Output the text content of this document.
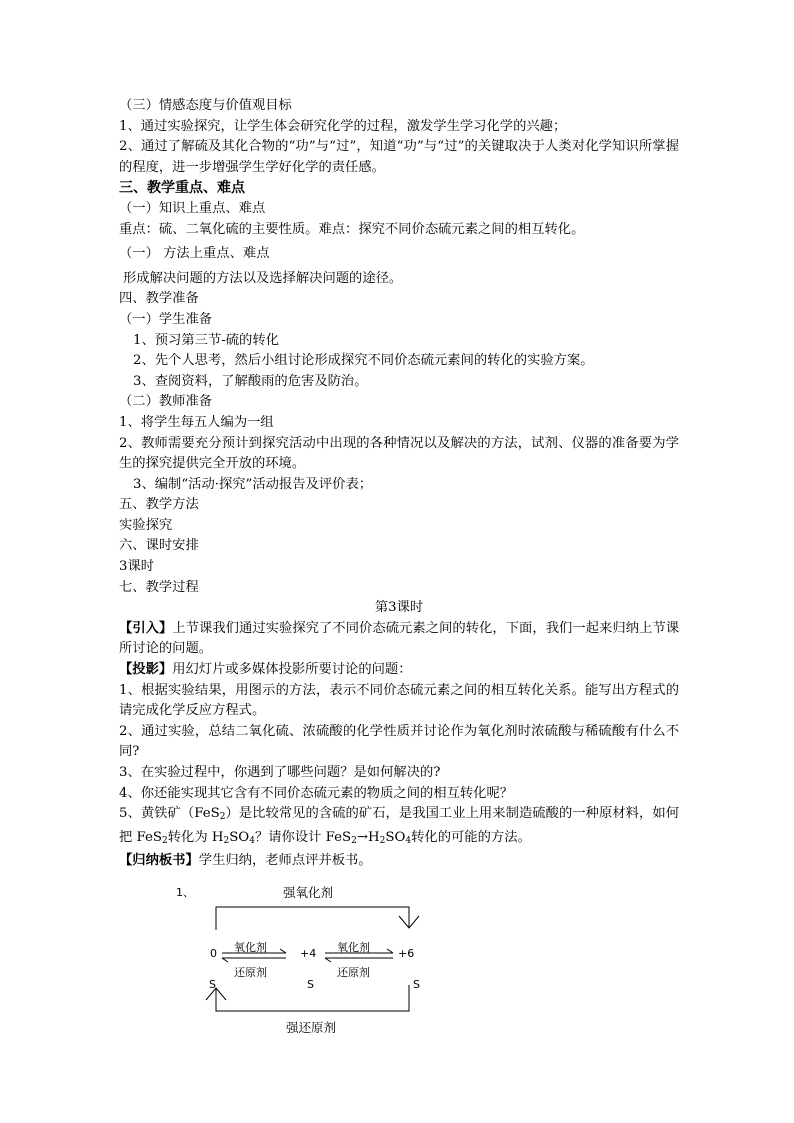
（三）情感态度与价值观目标
1、通过实验探究，让学生体会研究化学的过程，激发学生学习化学的兴趣；
2、通过了解硫及其化合物的“功”与“过”，知道“功”与“过”的关键取决于人类对化学知识所掌握的程度，进一步增强学生学好化学的责任感。
三、教学重点、难点
（一）知识上重点、难点
重点：硫、二氧化硫的主要性质。难点：探究不同价态硫元素之间的相互转化。
（一） 方法上重点、难点
形成解决问题的方法以及选择解决问题的途径。
四、教学准备
（一）学生准备
1、预习第三节-硫的转化
2、先个人思考，然后小组讨论形成探究不同价态硫元素间的转化的实验方案。
3、查阅资料，了解酸雨的危害及防治。
（二）教师准备
1、将学生每五人编为一组
2、教师需要充分预计到探究活动中出现的各种情况以及解决的方法，试剂、仪器的准备要为学生的探究提供完全开放的环境。
3、编制“活动·探究”活动报告及评价表；
五、教学方法
实验探究
六、课时安排
3课时
七、教学过程
第3课时
【引入】上节课我们通过实验探究了不同价态硫元素之间的转化，下面，我们一起来归纳上节课所讨论的问题。
【投影】用幻灯片或多媒体投影所要讨论的问题：
1、根据实验结果，用图示的方法，表示不同价态硫元素之间的相互转化关系。能写出方程式的请完成化学反应方程式。
2、通过实验，总结二氧化硫、浓硫酸的化学性质并讨论作为氧化剂时浓硫酸与稀硫酸有什么不同?
3、在实验过程中，你遇到了哪些问题？是如何解决的?
4、你还能实现其它含有不同价态硫元素的物质之间的相互转化呢？
5、黄铁矿（FeS$_2$）是比较常见的含硫的矿石，是我国工业上用来制造硫酸的一种原材料，如何把 FeS$_2$转化为 $H_2SO_4$？请你设计 $FeS_2\to H_2SO_4$转化的可能的方法。
【归纳板书】学生归纳，老师点评并板书。
1、	强氧化剂
0	+4	+6
氧化剂
还原剂
氧化剂
还原剂
S	S	S
强还原剂
